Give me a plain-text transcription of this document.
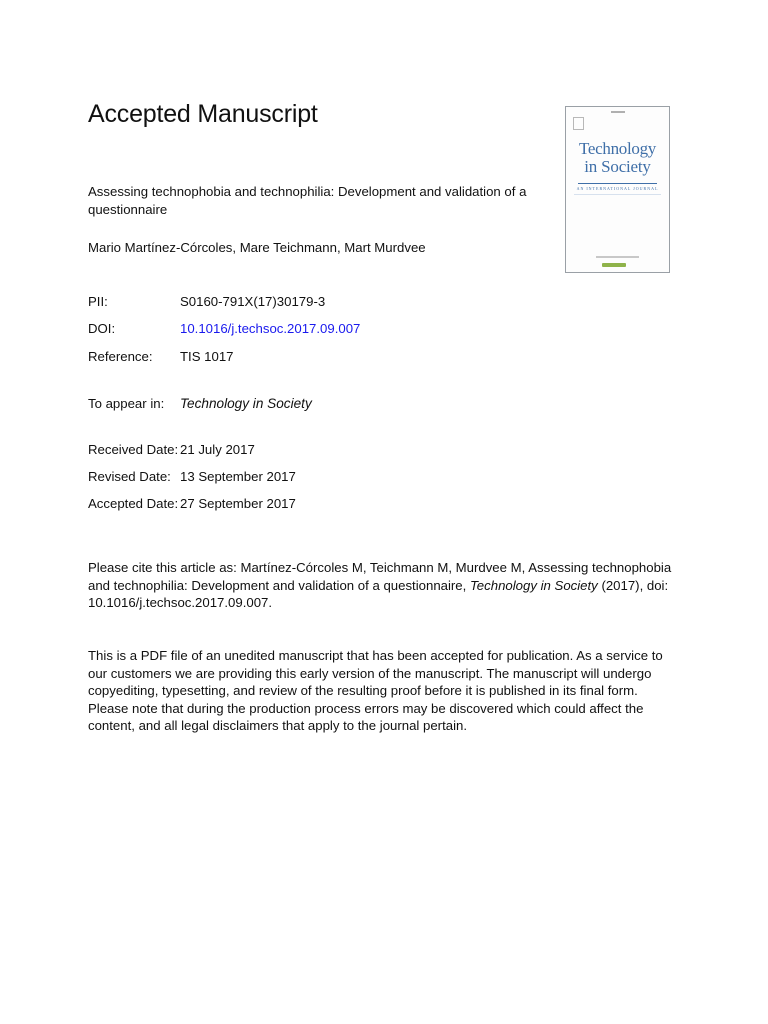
Accepted Manuscript

Assessing technophobia and technophilia: Development and validation of a questionnaire

Mario Martínez-Córcoles, Mare Teichmann, Mart Murdvee

PII:	S0160-791X(17)30179-3
DOI:	10.1016/j.techsoc.2017.09.007
Reference:	TIS 1017
To appear in:	Technology in Society
Received Date: 21 July 2017
Revised Date: 13 September 2017
Accepted Date: 27 September 2017

Please cite this article as: Martínez-Córcoles M, Teichmann M, Murdvee M, Assessing technophobia and technophilia: Development and validation of a questionnaire, Technology in Society (2017), doi: 10.1016/j.techsoc.2017.09.007.

This is a PDF file of an unedited manuscript that has been accepted for publication. As a service to our customers we are providing this early version of the manuscript. The manuscript will undergo copyediting, typesetting, and review of the resulting proof before it is published in its final form. Please note that during the production process errors may be discovered which could affect the content, and all legal disclaimers that apply to the journal pertain.

Technology
in Society
AN INTERNATIONAL JOURNAL
